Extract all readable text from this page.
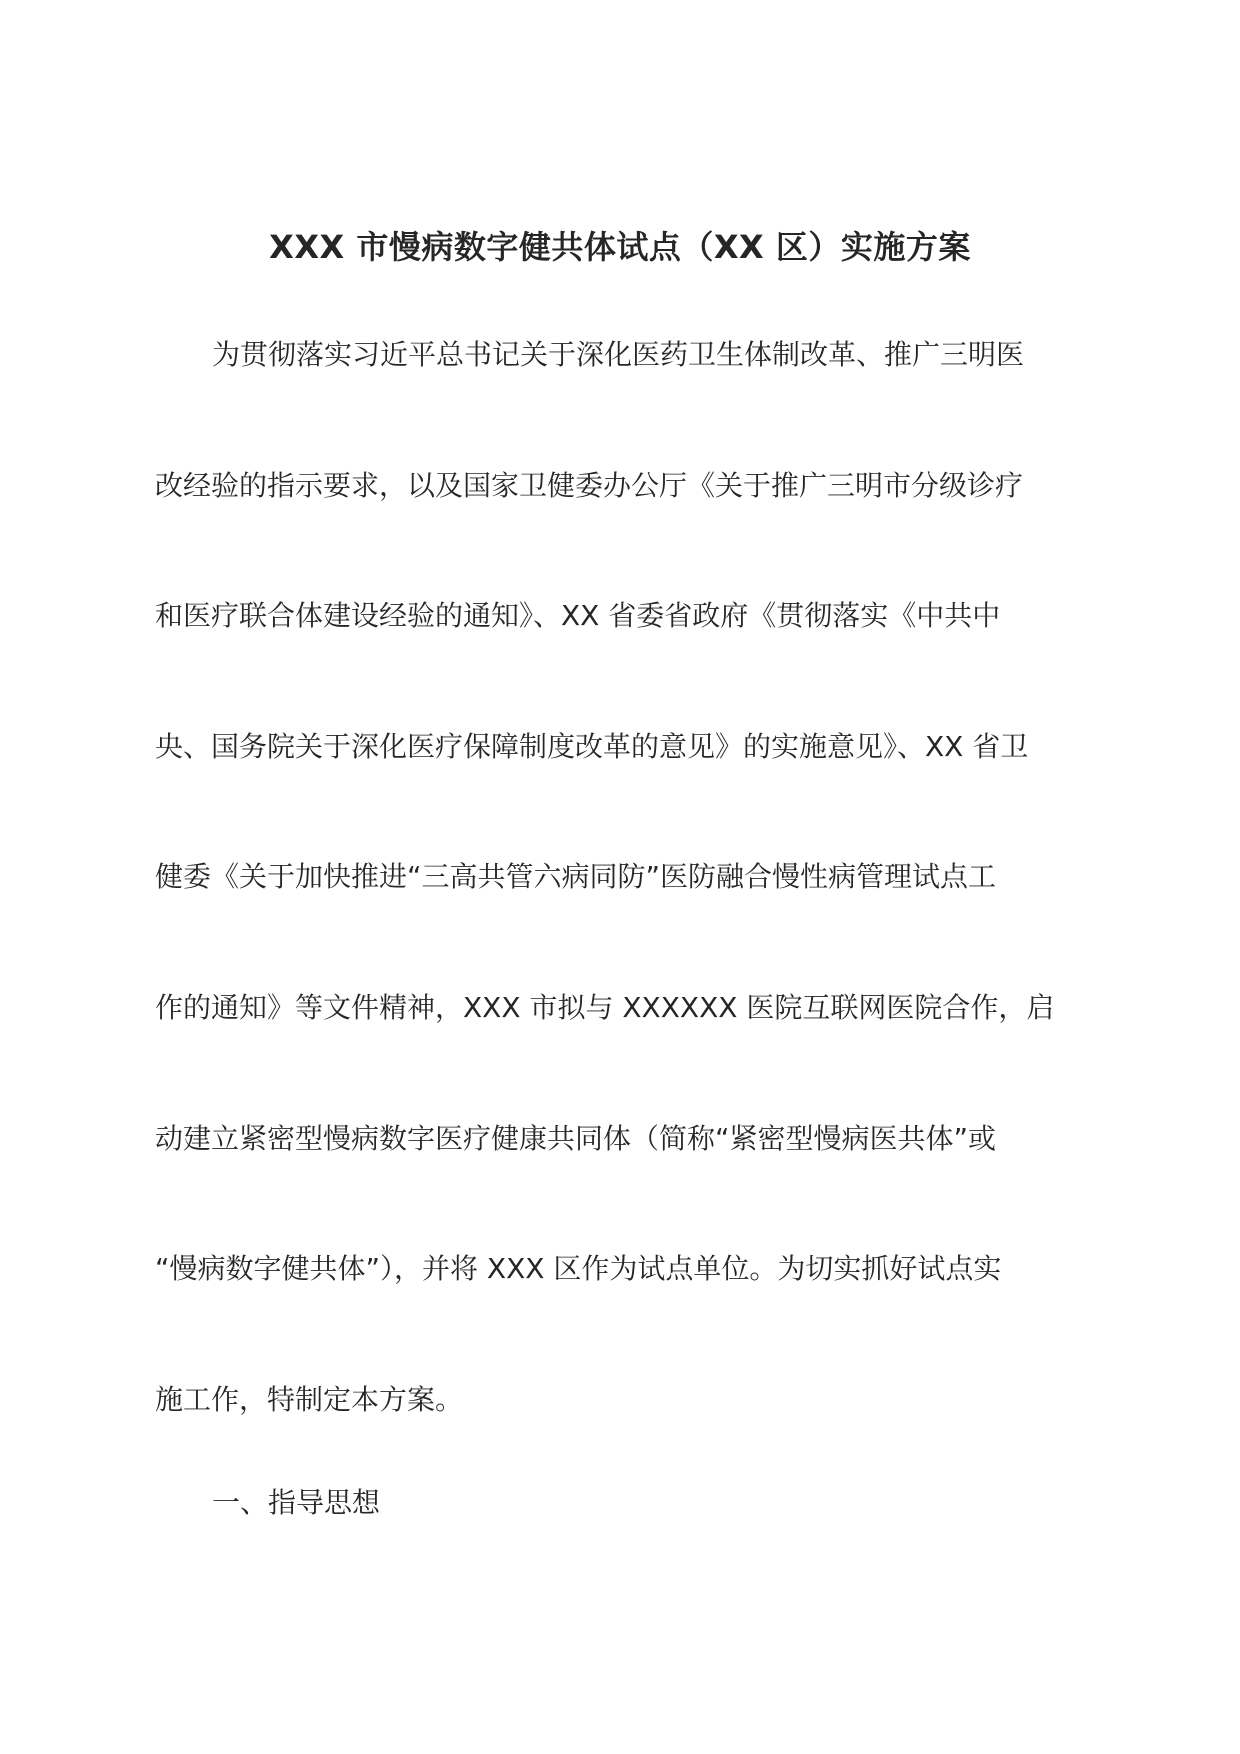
XXX 市慢病数字健共体试点（XX 区）实施方案
为贯彻落实习近平总书记关于深化医药卫生体制改革、推广三明医
改经验的指示要求，以及国家卫健委办公厅《关于推广三明市分级诊疗
和医疗联合体建设经验的通知》、XX 省委省政府《贯彻落实《中共中
央、国务院关于深化医疗保障制度改革的意见》的实施意见》、XX 省卫
健委《关于加快推进“三高共管六病同防”医防融合慢性病管理试点工
作的通知》等文件精神，XXX 市拟与 XXXXXX 医院互联网医院合作，启
动建立紧密型慢病数字医疗健康共同体（简称“紧密型慢病医共体”或
“慢病数字健共体”），并将 XXX 区作为试点单位。为切实抓好试点实
施工作，特制定本方案。
一、指导思想
